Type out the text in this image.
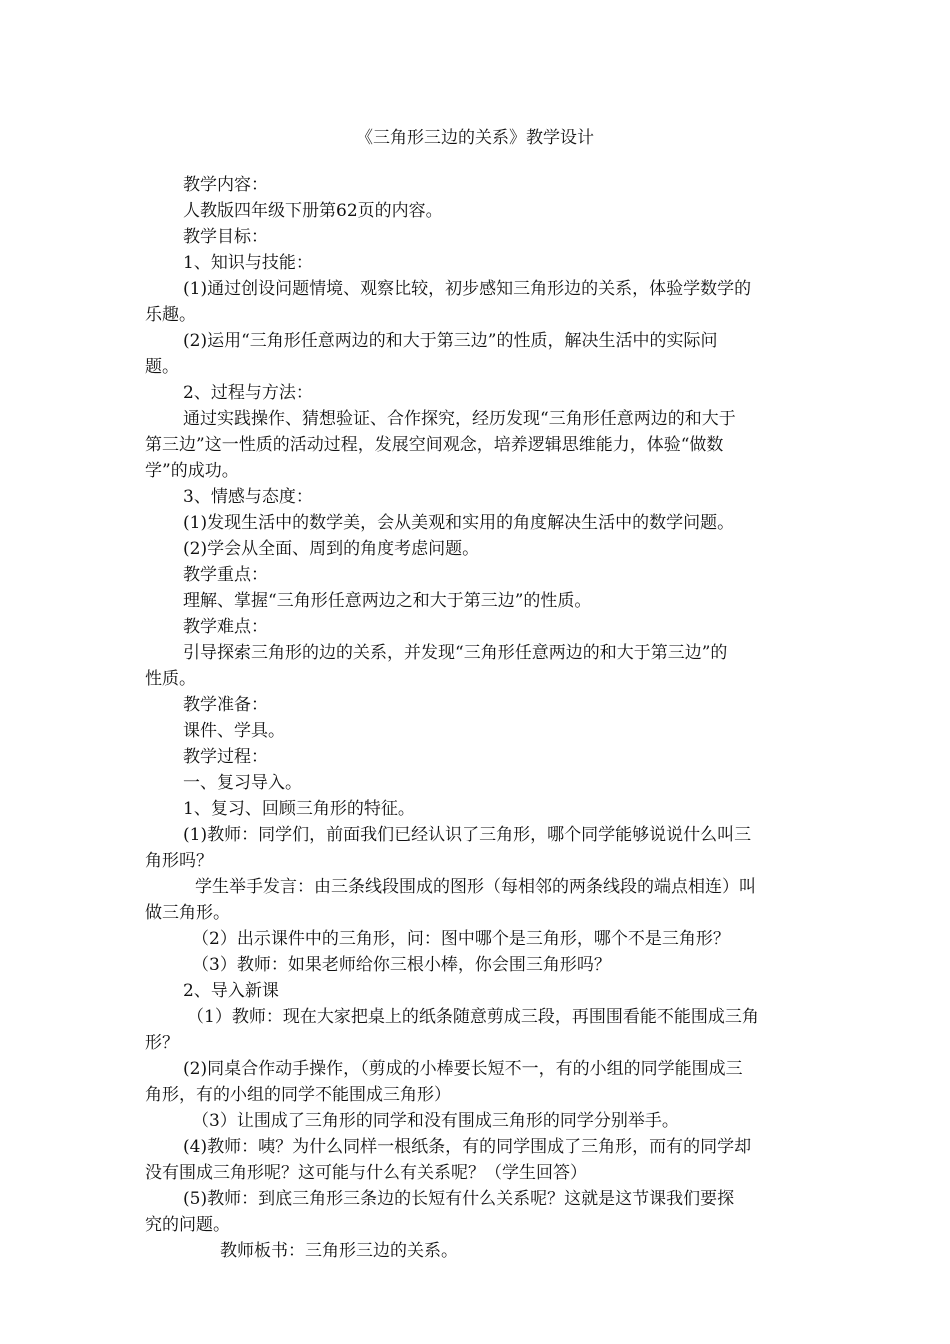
《三角形三边的关系》教学设计
教学内容：
人教版四年级下册第62页的内容。
教学目标：
1、知识与技能：
(1)通过创设问题情境、观察比较，初步感知三角形边的关系，体验学数学的
乐趣。
(2)运用“三角形任意两边的和大于第三边”的性质，解决生活中的实际问
题。
2、过程与方法：
通过实践操作、猜想验证、合作探究，经历发现“三角形任意两边的和大于
第三边”这一性质的活动过程，发展空间观念，培养逻辑思维能力，体验“做数
学”的成功。
3、情感与态度：
(1)发现生活中的数学美，会从美观和实用的角度解决生活中的数学问题。
(2)学会从全面、周到的角度考虑问题。
教学重点：
理解、掌握“三角形任意两边之和大于第三边”的性质。
教学难点：
引导探索三角形的边的关系，并发现“三角形任意两边的和大于第三边”的
性质。
教学准备：
课件、学具。
教学过程：
一、复习导入。
1、复习、回顾三角形的特征。
(1)教师：同学们，前面我们已经认识了三角形，哪个同学能够说说什么叫三
角形吗？
学生举手发言：由三条线段围成的图形（每相邻的两条线段的端点相连）叫
做三角形。
（2）出示课件中的三角形，问：图中哪个是三角形，哪个不是三角形？
（3）教师：如果老师给你三根小棒，你会围三角形吗？
2、导入新课
（1）教师：现在大家把桌上的纸条随意剪成三段，再围围看能不能围成三角
形？
(2)同桌合作动手操作，（剪成的小棒要长短不一，有的小组的同学能围成三
角形，有的小组的同学不能围成三角形）
（3）让围成了三角形的同学和没有围成三角形的同学分别举手。
(4)教师：咦？为什么同样一根纸条，有的同学围成了三角形，而有的同学却
没有围成三角形呢？这可能与什么有关系呢？（学生回答）
(5)教师：到底三角形三条边的长短有什么关系呢？这就是这节课我们要探
究的问题。
教师板书：三角形三边的关系。
